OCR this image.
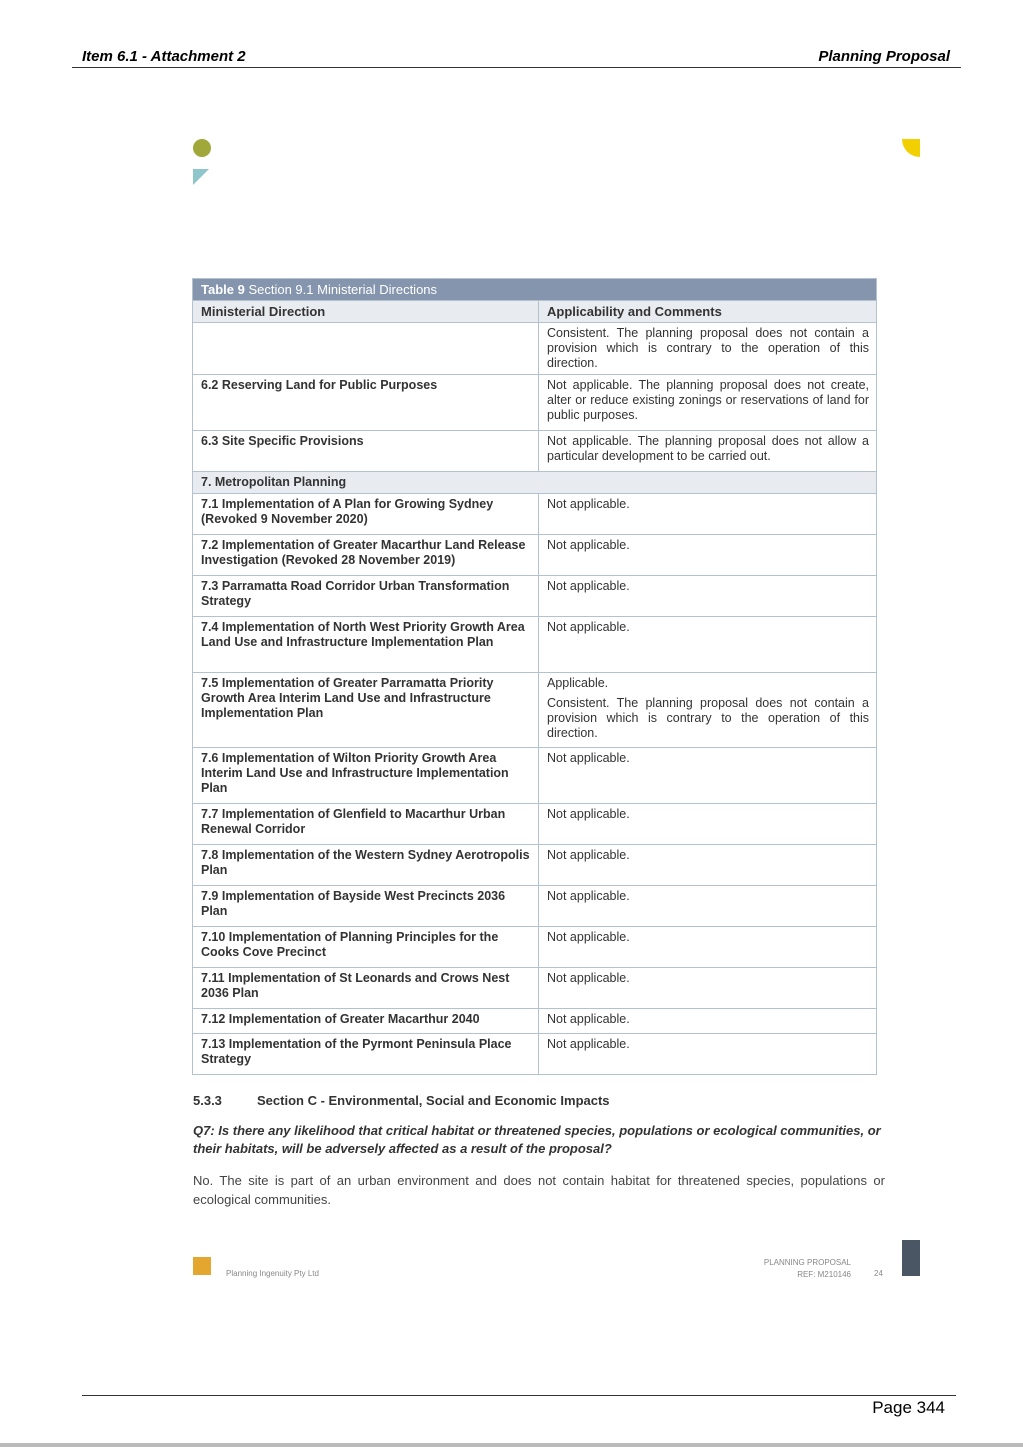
Item 6.1 - Attachment 2	Planning Proposal
Table 9 Section 9.1 Ministerial Directions	
Ministerial Direction	Applicability and Comments
	Consistent. The planning proposal does not contain a provision which is contrary to the operation of this direction.
6.2 Reserving Land for Public Purposes	Not applicable. The planning proposal does not create, alter or reduce existing zonings or reservations of land for public purposes.
6.3 Site Specific Provisions	Not applicable. The planning proposal does not allow a particular development to be carried out.
7. Metropolitan Planning	
7.1 Implementation of A Plan for Growing Sydney (Revoked 9 November 2020)	Not applicable.
7.2 Implementation of Greater Macarthur Land Release Investigation (Revoked 28 November 2019)	Not applicable.
7.3 Parramatta Road Corridor Urban Transformation Strategy	Not applicable.
7.4 Implementation of North West Priority Growth Area Land Use and Infrastructure Implementation Plan	Not applicable.
7.5 Implementation of Greater Parramatta Priority Growth Area Interim Land Use and Infrastructure Implementation Plan	Applicable.

Consistent. The planning proposal does not contain a provision which is contrary to the operation of this direction.

7.6 Implementation of Wilton Priority Growth Area Interim Land Use and Infrastructure Implementation Plan	Not applicable.
7.7 Implementation of Glenfield to Macarthur Urban Renewal Corridor	Not applicable.
7.8 Implementation of the Western Sydney Aerotropolis Plan	Not applicable.
7.9 Implementation of Bayside West Precincts 2036 Plan	Not applicable.
7.10 Implementation of Planning Principles for the Cooks Cove Precinct	Not applicable.
7.11 Implementation of St Leonards and Crows Nest 2036 Plan	Not applicable.
7.12 Implementation of Greater Macarthur 2040	Not applicable.
7.13 Implementation of the Pyrmont Peninsula Place Strategy	Not applicable.
5.3.3	Section C - Environmental, Social and Economic Impacts
Q7: Is there any likelihood that critical habitat or threatened species, populations or ecological communities, or their habitats, will be adversely affected as a result of the proposal?
No. The site is part of an urban environment and does not contain habitat for threatened species, populations or ecological communities.
Planning Ingenuity Pty Ltd
PLANNING PROPOSAL
REF: M210146	24
Page 344
